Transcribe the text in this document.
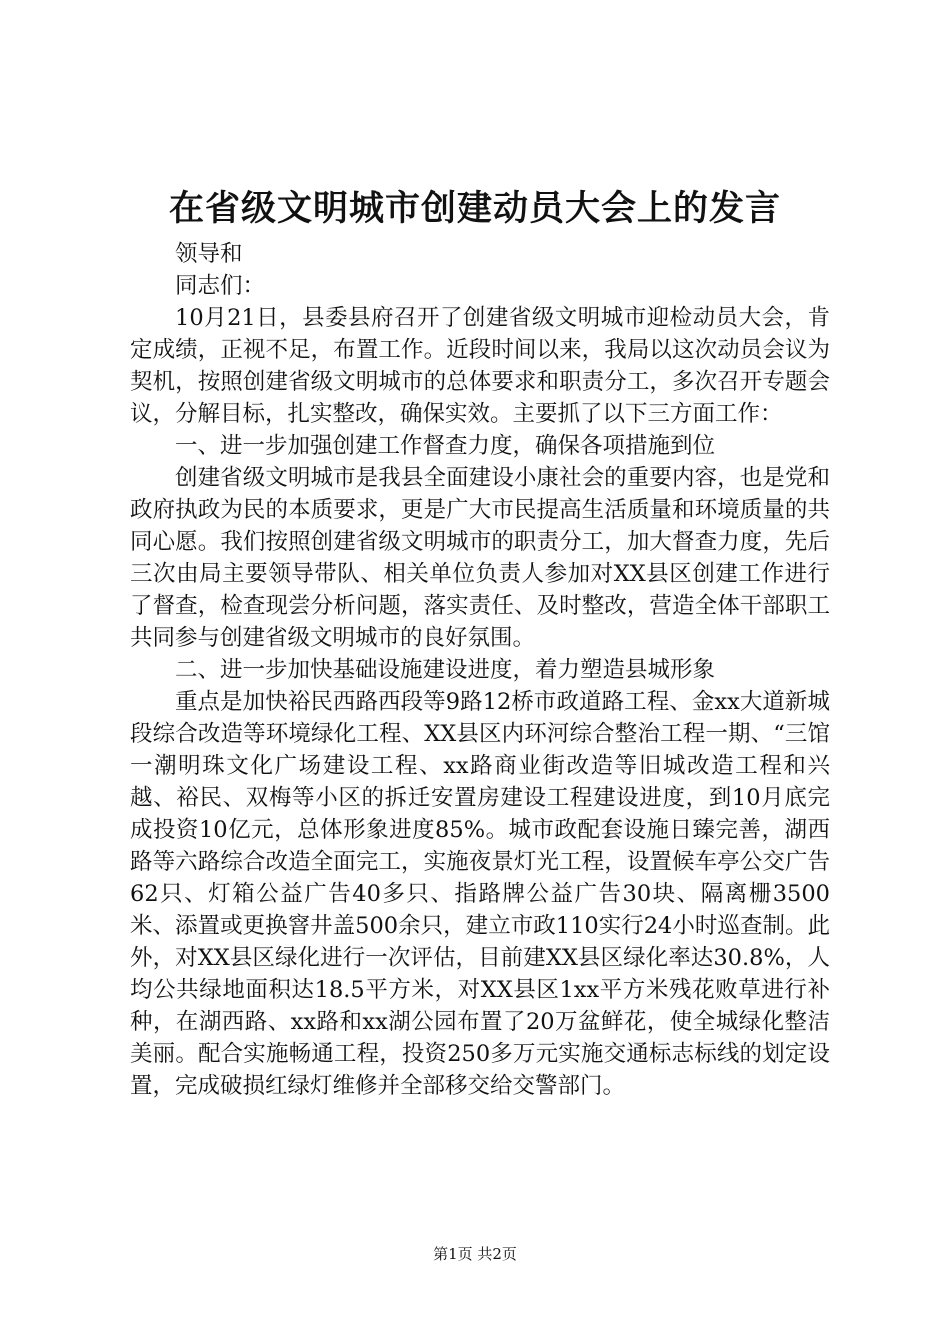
在省级文明城市创建动员大会上的发言

领导和

同志们：

10月21日，县委县府召开了创建省级文明城市迎检动员大会，肯定成绩，正视不足，布置工作。近段时间以来，我局以这次动员会议为契机，按照创建省级文明城市的总体要求和职责分工，多次召开专题会议，分解目标，扎实整改，确保实效。主要抓了以下三方面工作：

一、进一步加强创建工作督查力度，确保各项措施到位

创建省级文明城市是我县全面建设小康社会的重要内容，也是党和政府执政为民的本质要求，更是广大市民提高生活质量和环境质量的共同心愿。我们按照创建省级文明城市的职责分工，加大督查力度，先后三次由局主要领导带队、相关单位负责人参加对XX县区创建工作进行了督查，检查现尝分析问题，落实责任、及时整改，营造全体干部职工共同参与创建省级文明城市的良好氛围。

二、进一步加快基础设施建设进度，着力塑造县城形象

重点是加快裕民西路西段等9路12桥市政道路工程、金xx大道新城段综合改造等环境绿化工程、XX县区内环河综合整治工程一期、“三馆一潮明珠文化广场建设工程、xx路商业街改造等旧城改造工程和兴越、裕民、双梅等小区的拆迁安置房建设工程建设进度，到10月底完成投资10亿元，总体形象进度85%。城市政配套设施日臻完善，湖西路等六路综合改造全面完工，实施夜景灯光工程，设置候车亭公交广告62只、灯箱公益广告40多只、指路牌公益广告30块、隔离栅3500米、添置或更换窨井盖500余只，建立市政110实行24小时巡查制。此外，对XX县区绿化进行一次评估，目前建XX县区绿化率达30.8%，人均公共绿地面积达18.5平方米，对XX县区1xx平方米残花败草进行补种，在湖西路、xx路和xx湖公园布置了20万盆鲜花，使全城绿化整洁美丽。配合实施畅通工程，投资250多万元实施交通标志标线的划定设置，完成破损红绿灯维修并全部移交给交警部门。

第1页 共2页
